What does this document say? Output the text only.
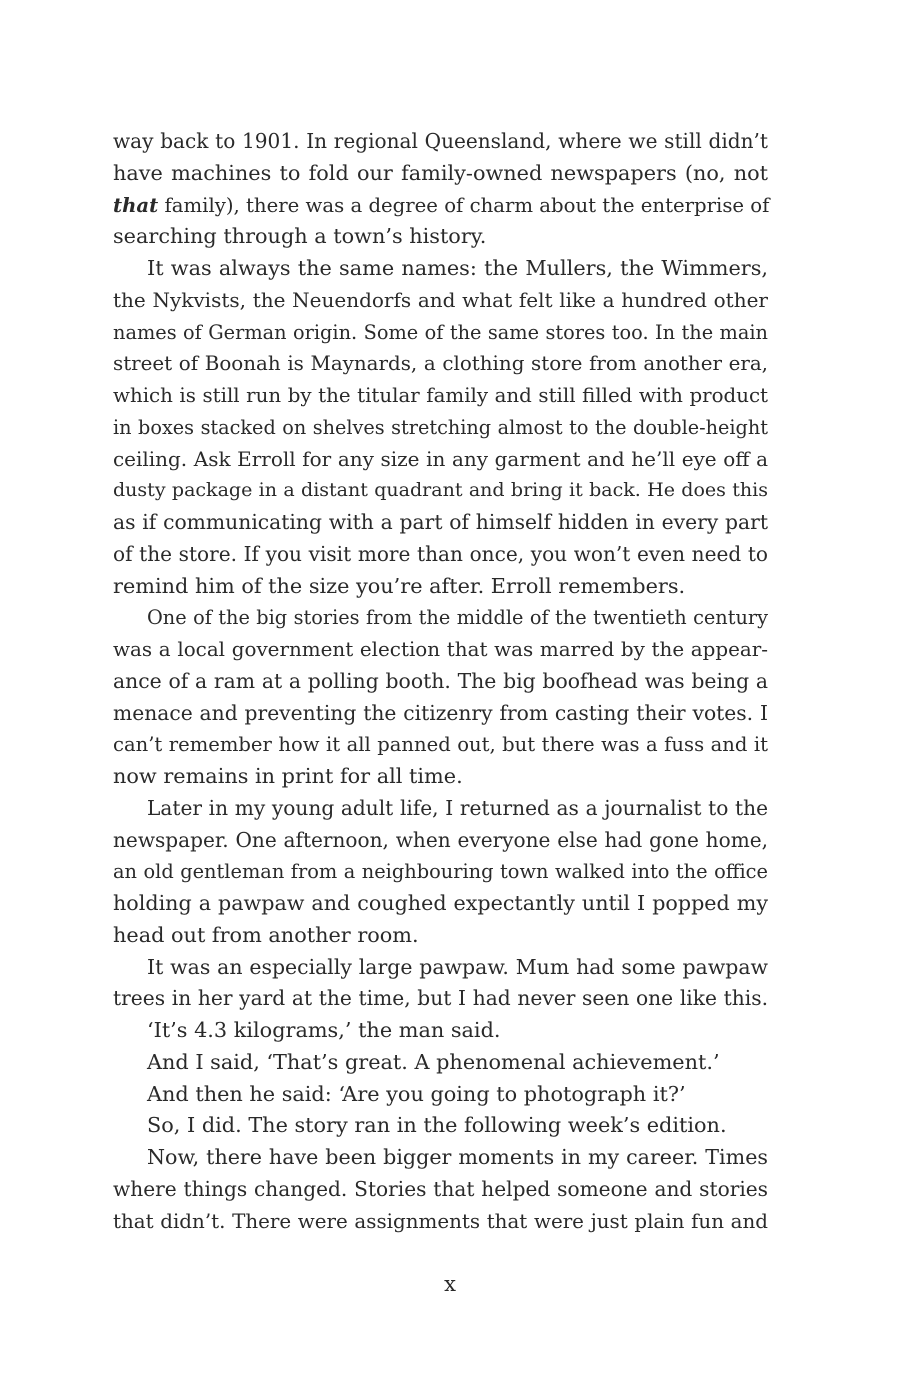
way back to 1901. In regional Queensland, where we still didn’t
have machines to fold our family-owned newspapers (no, not
that family), there was a degree of charm about the enterprise of
searching through a town’s history.
It was always the same names: the Mullers, the Wimmers,
the Nykvists, the Neuendorfs and what felt like a hundred other
names of German origin. Some of the same stores too. In the main
street of Boonah is Maynards, a clothing store from another era,
which is still run by the titular family and still filled with product
in boxes stacked on shelves stretching almost to the double-height
ceiling. Ask Erroll for any size in any garment and he’ll eye off a
dusty package in a distant quadrant and bring it back. He does this
as if communicating with a part of himself hidden in every part
of the store. If you visit more than once, you won’t even need to
remind him of the size you’re after. Erroll remembers.
One of the big stories from the middle of the twentieth century
was a local government election that was marred by the appear-
ance of a ram at a polling booth. The big boofhead was being a
menace and preventing the citizenry from casting their votes. I
can’t remember how it all panned out, but there was a fuss and it
now remains in print for all time.
Later in my young adult life, I returned as a journalist to the
newspaper. One afternoon, when everyone else had gone home,
an old gentleman from a neighbouring town walked into the office
holding a pawpaw and coughed expectantly until I popped my
head out from another room.
It was an especially large pawpaw. Mum had some pawpaw
trees in her yard at the time, but I had never seen one like this.
‘It’s 4.3 kilograms,’ the man said.
And I said, ‘That’s great. A phenomenal achievement.’
And then he said: ‘Are you going to photograph it?’
So, I did. The story ran in the following week’s edition.
Now, there have been bigger moments in my career. Times
where things changed. Stories that helped someone and stories
that didn’t. There were assignments that were just plain fun and
x
